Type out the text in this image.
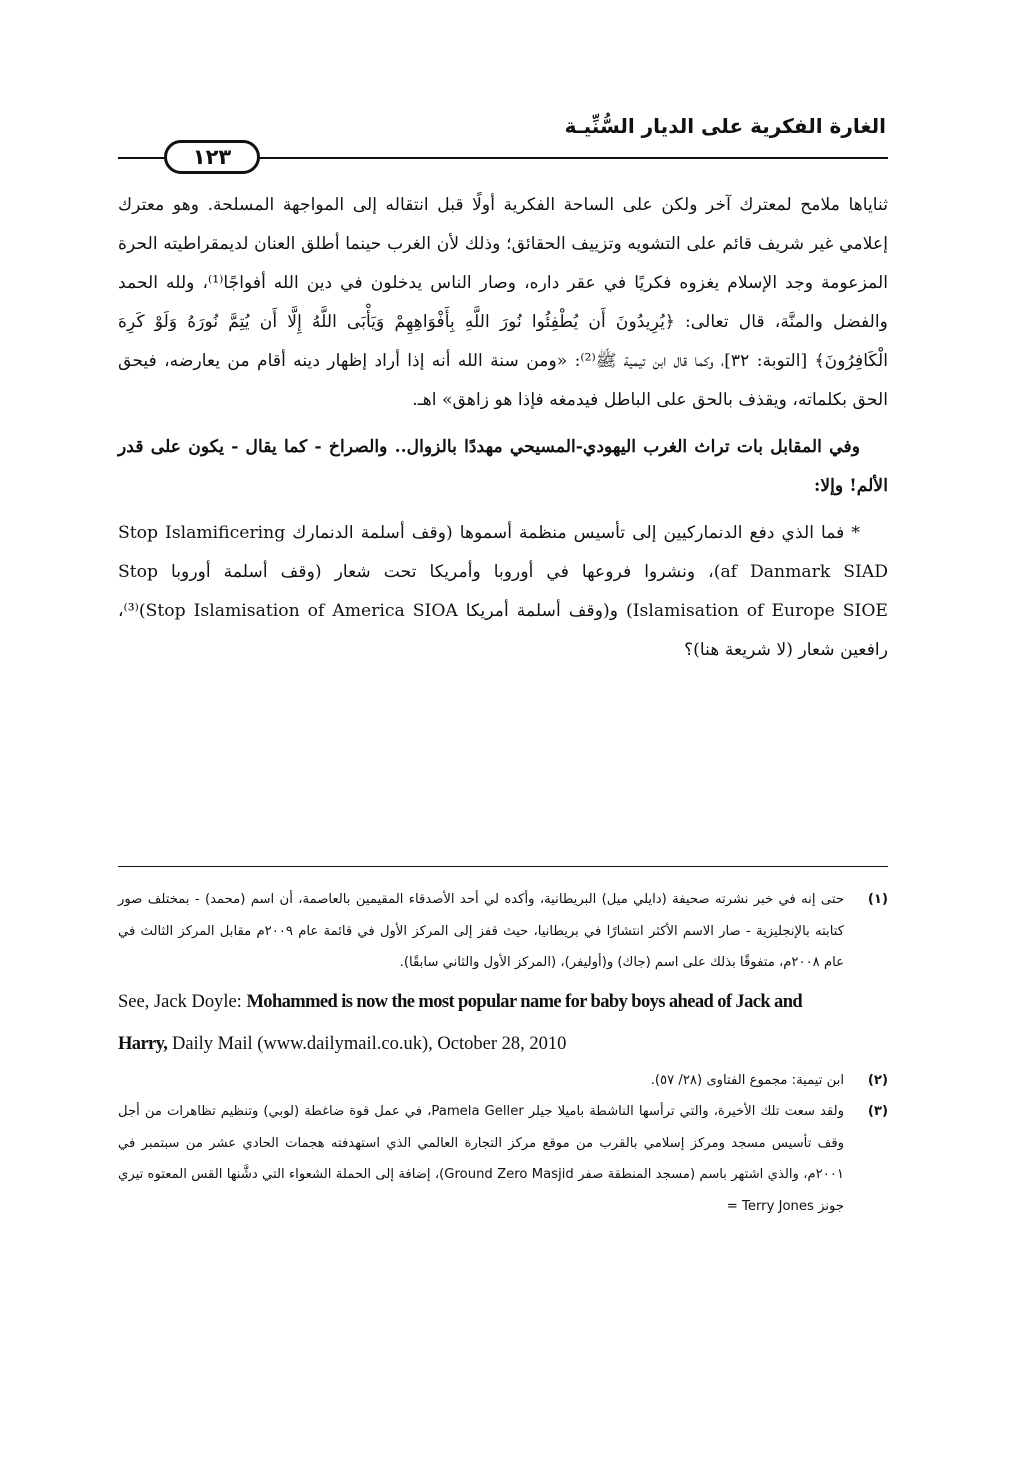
الغارة الفكرية على الديار السُّنِّيـة
١٢٣

ثناياها ملامح لمعترك آخر ولكن على الساحة الفكرية أولًا قبل انتقاله إلى المواجهة المسلحة. وهو معترك إعلامي غير شريف قائم على التشويه وتزييف الحقائق؛ وذلك لأن الغرب حينما أطلق العنان لديمقراطيته الحرة المزعومة وجد الإسلام يغزوه فكريًا في عقر داره، وصار الناس يدخلون في دين الله أفواجًا⁽¹⁾، ولله الحمد والفضل والمنَّة، قال تعالى: ﴿يُرِيدُونَ أَن يُطْفِئُوا نُورَ اللَّهِ بِأَفْوَاهِهِمْ وَيَأْبَى اللَّهُ إِلَّا أَن يُتِمَّ نُورَهُ وَلَوْ كَرِهَ الْكَافِرُونَ﴾ [التوبة: ٣٢]، وكما قال ابن تيمية ﷺ⁽²⁾: «ومن سنة الله أنه إذا أراد إظهار دينه أقام من يعارضه، فيحق الحق بكلماته، ويقذف بالحق على الباطل فيدمغه فإذا هو زاهق» اهـ.

وفي المقابل بات تراث الغرب اليهودي-المسيحي مهددًا بالزوال.. والصراخ - كما يقال - يكون على قدر الألم! وإلا:

* فما الذي دفع الدنماركيين إلى تأسيس منظمة أسموها (وقف أسلمة الدنمارك Stop Islamificering af Danmark SIAD)، ونشروا فروعها في أوروبا وأمريكا تحت شعار (وقف أسلمة أوروبا Stop Islamisation of Europe SIOE) و(وقف أسلمة أمريكا Stop Islamisation of America SIOA)⁽³⁾، رافعين شعار (لا شريعة هنا)؟

(١)
حتى إنه في خبر نشرته صحيفة (دايلي ميل) البريطانية، وأكده لي أحد الأصدقاء المقيمين بالعاصمة، أن اسم (محمد) - بمختلف صور كتابته بالإنجليزية - صار الاسم الأكثر انتشارًا في بريطانيا، حيث قفز إلى المركز الأول في قائمة عام ٢٠٠٩م مقابل المركز الثالث في عام ٢٠٠٨م، متفوقًا بذلك على اسم (جاك) و(أوليفر)، (المركز الأول والثاني سابقًا).
See, Jack Doyle: Mohammed is now the most popular name for baby boys ahead of Jack and Harry, Daily Mail (www.dailymail.co.uk), October 28, 2010
(٢)
ابن تيمية: مجموع الفتاوى (٢٨/ ٥٧).
(٣)
ولقد سعت تلك الأخيرة، والتي ترأسها الناشطة باميلا جيلر Pamela Geller، في عمل قوة ضاغطة (لوبي) وتنظيم تظاهرات من أجل وقف تأسيس مسجد ومركز إسلامي بالقرب من موقع مركز التجارة العالمي الذي استهدفته هجمات الحادي عشر من سبتمبر في ٢٠٠١م، والذي اشتهر باسم (مسجد المنطقة صفر Ground Zero Masjid)، إضافة إلى الحملة الشعواء التي دشَّنها القس المعتوه تيري جونز Terry Jones =
